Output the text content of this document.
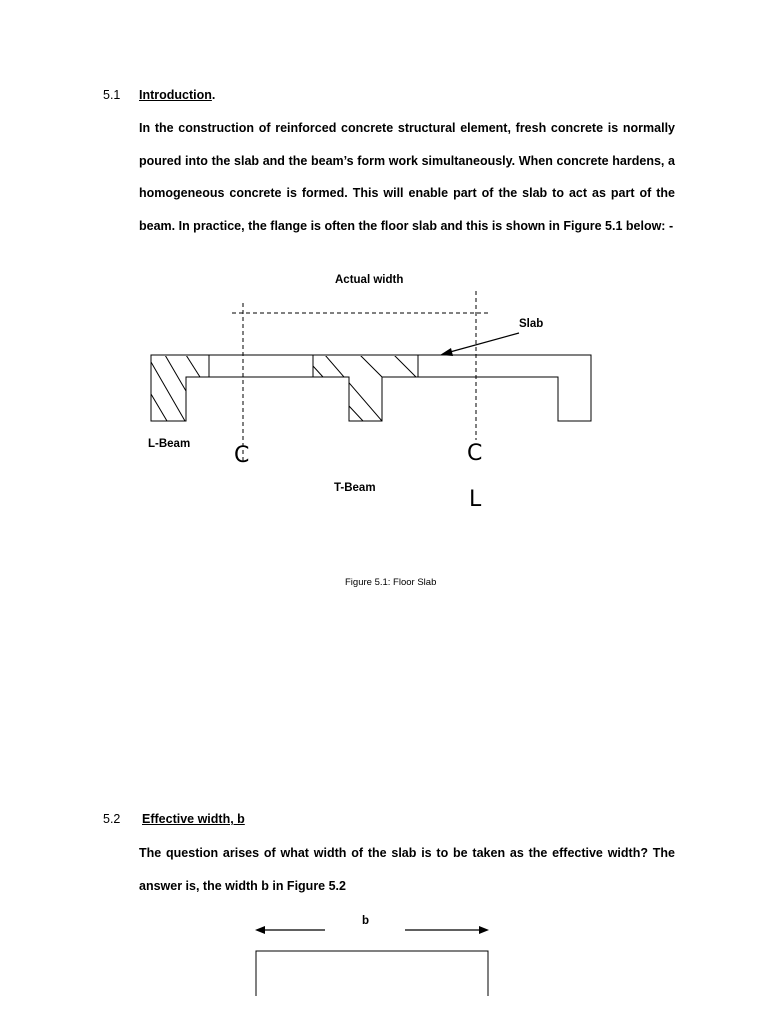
5.1 Introduction.
In the construction of reinforced concrete structural element, fresh concrete is normally poured into the slab and the beam’s form work simultaneously. When concrete hardens, a homogeneous concrete is formed. This will enable part of the slab to act as part of the beam. In practice, the flange is often the floor slab and this is shown in Figure 5.1 below: -
Actual width
Slab
L-Beam
T-Beam
C	C
L
Figure 5.1: Floor Slab
5.2 Effective width, b
The question arises of what width of the slab is to be taken as the effective width? The answer is, the width b in Figure 5.2
b
